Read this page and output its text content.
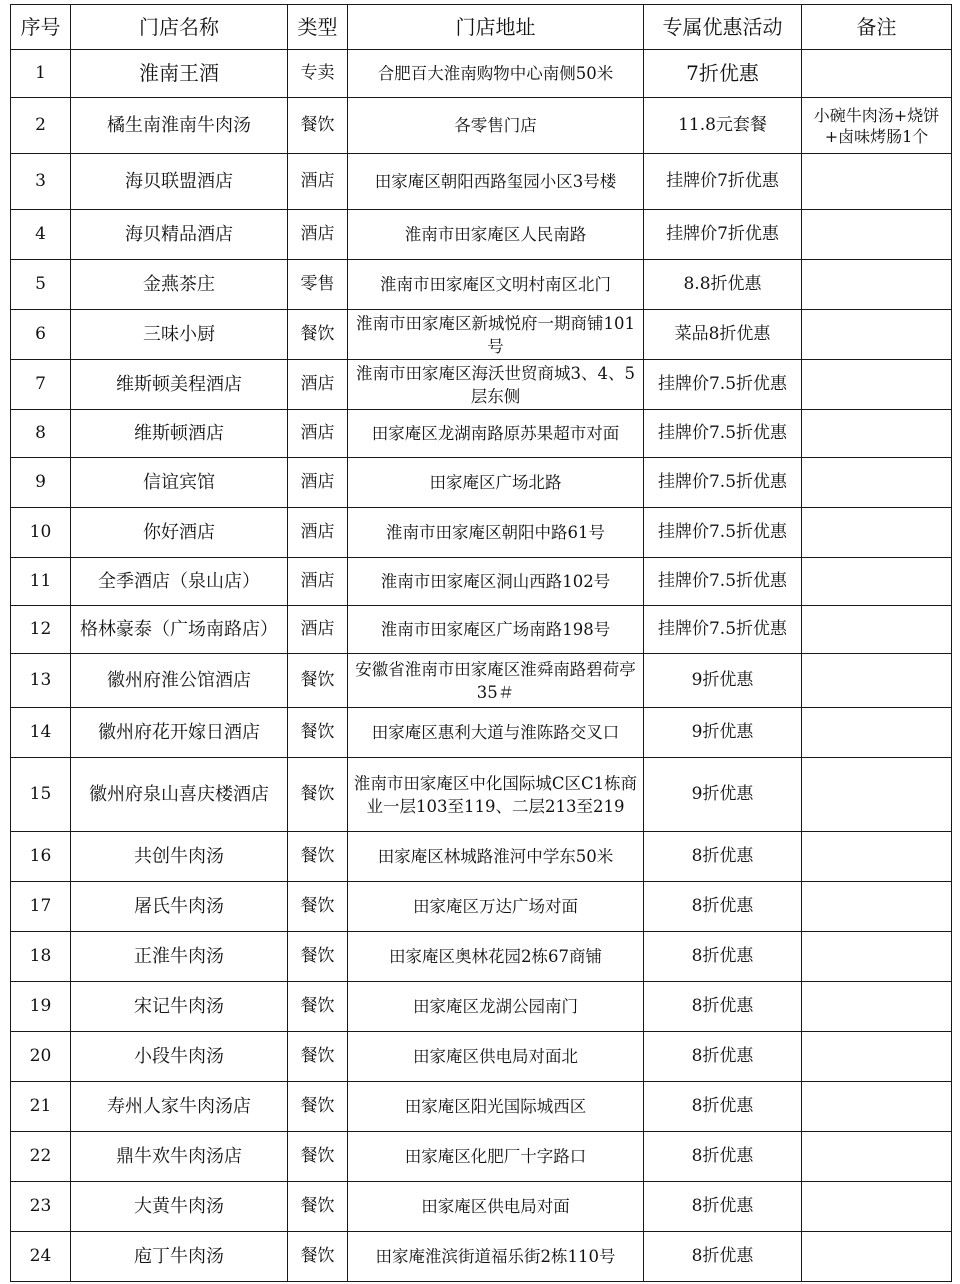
序号	门店名称	类型	门店地址	专属优惠活动	备注
1	淮南王酒	专卖	合肥百大淮南购物中心南侧50米	7折优惠	
2	橘生南淮南牛肉汤	餐饮	各零售门店	11.8元套餐	小碗牛肉汤+烧饼+卤味烤肠1个
3	海贝联盟酒店	酒店	田家庵区朝阳西路玺园小区3号楼	挂牌价7折优惠	
4	海贝精品酒店	酒店	淮南市田家庵区人民南路	挂牌价7折优惠	
5	金燕茶庄	零售	淮南市田家庵区文明村南区北门	8.8折优惠	
6	三味小厨	餐饮	淮南市田家庵区新城悦府一期商铺101号	菜品8折优惠	
7	维斯顿美程酒店	酒店	淮南市田家庵区海沃世贸商城3、4、5层东侧	挂牌价7.5折优惠	
8	维斯顿酒店	酒店	田家庵区龙湖南路原苏果超市对面	挂牌价7.5折优惠	
9	信谊宾馆	酒店	田家庵区广场北路	挂牌价7.5折优惠	
10	你好酒店	酒店	淮南市田家庵区朝阳中路61号	挂牌价7.5折优惠	
11	全季酒店（泉山店）	酒店	淮南市田家庵区洞山西路102号	挂牌价7.5折优惠	
12	格林豪泰（广场南路店）	酒店	淮南市田家庵区广场南路198号	挂牌价7.5折优惠	
13	徽州府淮公馆酒店	餐饮	安徽省淮南市田家庵区淮舜南路碧荷亭35＃	9折优惠	
14	徽州府花开嫁日酒店	餐饮	田家庵区惠利大道与淮陈路交叉口	9折优惠	
15	徽州府泉山喜庆楼酒店	餐饮	淮南市田家庵区中化国际城C区C1栋商业一层103至119、二层213至219	9折优惠	
16	共创牛肉汤	餐饮	田家庵区林城路淮河中学东50米	8折优惠	
17	屠氏牛肉汤	餐饮	田家庵区万达广场对面	8折优惠	
18	正淮牛肉汤	餐饮	田家庵区奥林花园2栋67商铺	8折优惠	
19	宋记牛肉汤	餐饮	田家庵区龙湖公园南门	8折优惠	
20	小段牛肉汤	餐饮	田家庵区供电局对面北	8折优惠	
21	寿州人家牛肉汤店	餐饮	田家庵区阳光国际城西区	8折优惠	
22	鼎牛欢牛肉汤店	餐饮	田家庵区化肥厂十字路口	8折优惠	
23	大黄牛肉汤	餐饮	田家庵区供电局对面	8折优惠	
24	庖丁牛肉汤	餐饮	田家庵淮滨街道福乐街2栋110号	8折优惠	
